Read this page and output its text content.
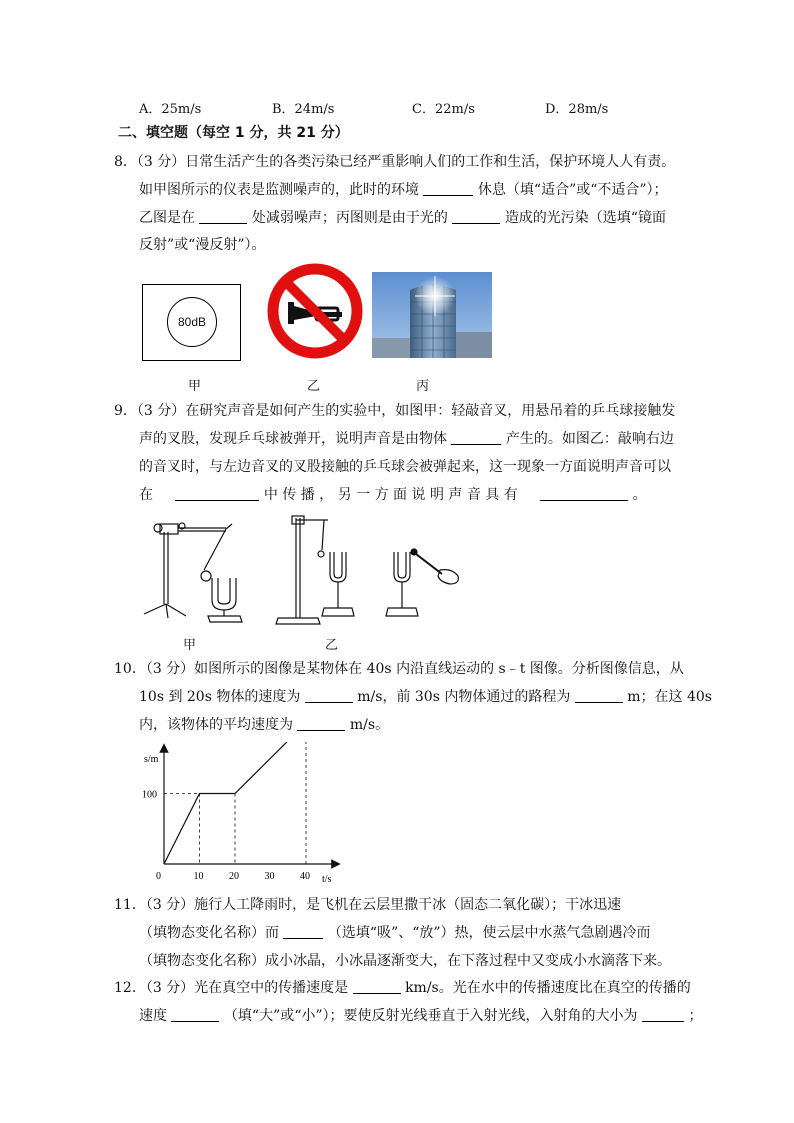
A．25m/s	B．24m/s	C．22m/s	D．28m/s
二、填空题（每空 1 分，共 21 分）
8．（3 分）日常生活产生的各类污染已经严重影响人们的工作和生活，保护环境人人有责。
如甲图所示的仪表是监测噪声的，此时的环境	休息（填“适合”或“不适合”）；
乙图是在	处减弱噪声；丙图则是由于光的	造成的光污染（选填“镜面
反射”或“漫反射”）。
80dB
甲	乙	丙
9．（3 分）在研究声音是如何产生的实验中，如图甲：轻敲音叉，用悬吊着的乒乓球接触发
声的叉股，发现乒乓球被弹开，说明声音是由物体	产生的。如图乙：敲响右边
的音叉时，与左边音叉的叉股接触的乒乓球会被弹起来，这一现象一方面说明声音可以
在	中 传 播 ， 另 一 方 面 说 明 声 音 具 有	。
甲	乙
10．（3 分）如图所示的图像是某物体在 40s 内沿直线运动的 s﹣t 图像。分析图像信息，从
10s 到 20s 物体的速度为	m/s，前 30s 内物体通过的路程为	m；在这 40s
内，该物体的平均速度为	m/s。
s/m
t/s
0	10	20	30	40
100
11．（3 分）施行人工降雨时，是飞机在云层里撒干冰（固态二氧化碳）；干冰迅速
（填物态变化名称）而	（选填“吸”、“放”）热，使云层中水蒸气急剧遇冷而
（填物态变化名称）成小冰晶，小冰晶逐渐变大，在下落过程中又变成小水滴落下来。
12．（3 分）光在真空中的传播速度是	km/s。光在水中的传播速度比在真空的传播的
速度	（填“大”或“小”）；要使反射光线垂直于入射光线，入射角的大小为	；
